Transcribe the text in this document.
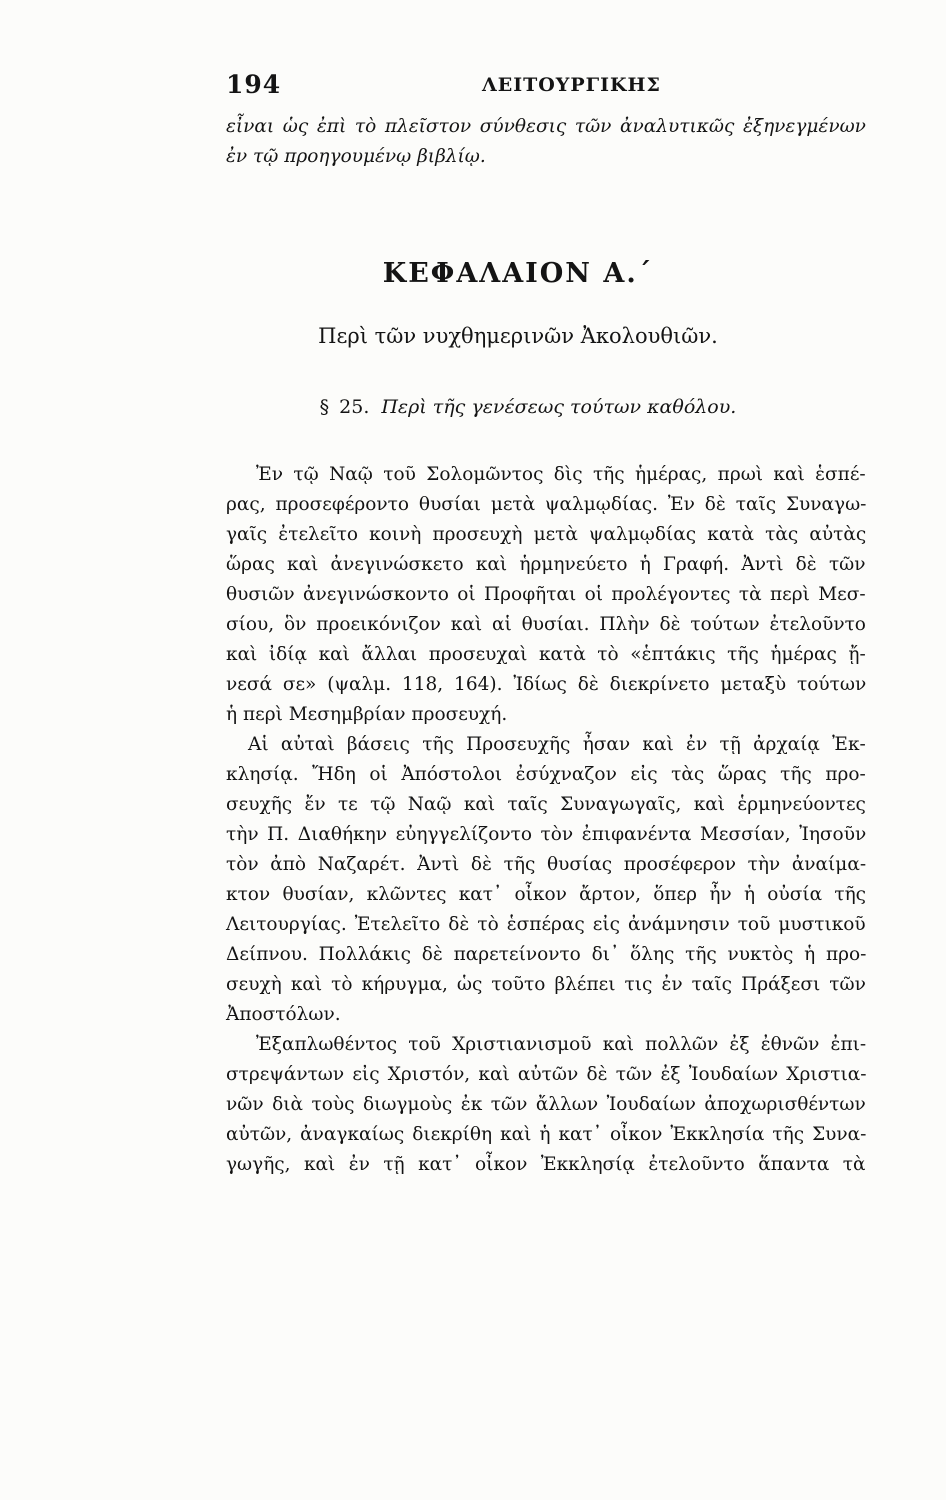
194	ΛΕΙΤΟΥΡΓΙΚΗΣ
εἶναι ὡς ἐπὶ τὸ πλεῖστον σύνθεσις τῶν ἀναλυτικῶς ἐξηνεγμένων
ἐν τῷ προηγουμένῳ βιβλίῳ.
ΚΕΦΑΛΑΙΟΝ Α.΄
Περὶ τῶν νυχθημερινῶν Ἀκολουθιῶν.
§ 25. Περὶ τῆς γενέσεως τούτων καθόλου.
Ἐν τῷ Ναῷ τοῦ Σολομῶντος δὶς τῆς ἡμέρας, πρωὶ καὶ ἑσπέ-
ρας, προσεφέροντο θυσίαι μετὰ ψαλμῳδίας. Ἐν δὲ ταῖς Συναγω-
γαῖς ἐτελεῖτο κοινὴ προσευχὴ μετὰ ψαλμῳδίας κατὰ τὰς αὐτὰς
ὥρας καὶ ἀνεγινώσκετο καὶ ἡρμηνεύετο ἡ Γραφή. Ἀντὶ δὲ τῶν
θυσιῶν ἀνεγινώσκοντο οἱ Προφῆται οἱ προλέγοντες τὰ περὶ Μεσ-
σίου, ὃν προεικόνιζον καὶ αἱ θυσίαι. Πλὴν δὲ τούτων ἐτελοῦντο
καὶ ἰδίᾳ καὶ ἄλλαι προσευχαὶ κατὰ τὸ «ἑπτάκις τῆς ἡμέρας ᾔ-
νεσά σε» (ψαλμ. 118, 164). Ἰδίως δὲ διεκρίνετο μεταξὺ τούτων
ἡ περὶ Μεσημβρίαν προσευχή.
Αἱ αὐταὶ βάσεις τῆς Προσευχῆς ἦσαν καὶ ἐν τῇ ἀρχαίᾳ Ἐκ-
κλησίᾳ. Ἤδη οἱ Ἀπόστολοι ἐσύχναζον εἰς τὰς ὥρας τῆς προ-
σευχῆς ἔν τε τῷ Ναῷ καὶ ταῖς Συναγωγαῖς, καὶ ἑρμηνεύοντες
τὴν Π. Διαθήκην εὐηγγελίζοντο τὸν ἐπιφανέντα Μεσσίαν, Ἰησοῦν
τὸν ἀπὸ Ναζαρέτ. Ἀντὶ δὲ τῆς θυσίας προσέφερον τὴν ἀναίμα-
κτον θυσίαν, κλῶντες κατ᾽ οἶκον ἄρτον, ὅπερ ἦν ἡ οὐσία τῆς
Λειτουργίας. Ἐτελεῖτο δὲ τὸ ἑσπέρας εἰς ἀνάμνησιν τοῦ μυστικοῦ
Δείπνου. Πολλάκις δὲ παρετείνοντο δι᾽ ὅλης τῆς νυκτὸς ἡ προ-
σευχὴ καὶ τὸ κήρυγμα, ὡς τοῦτο βλέπει τις ἐν ταῖς Πράξεσι τῶν
Ἀποστόλων.
Ἐξαπλωθέντος τοῦ Χριστιανισμοῦ καὶ πολλῶν ἐξ ἐθνῶν ἐπι-
στρεψάντων εἰς Χριστόν, καὶ αὐτῶν δὲ τῶν ἐξ Ἰουδαίων Χριστια-
νῶν διὰ τοὺς διωγμοὺς ἐκ τῶν ἄλλων Ἰουδαίων ἀποχωρισθέντων
αὐτῶν, ἀναγκαίως διεκρίθη καὶ ἡ κατ᾽ οἶκον Ἐκκλησία τῆς Συνα-
γωγῆς, καὶ ἐν τῇ κατ᾽ οἶκον Ἐκκλησίᾳ ἐτελοῦντο ἅπαντα τὰ
